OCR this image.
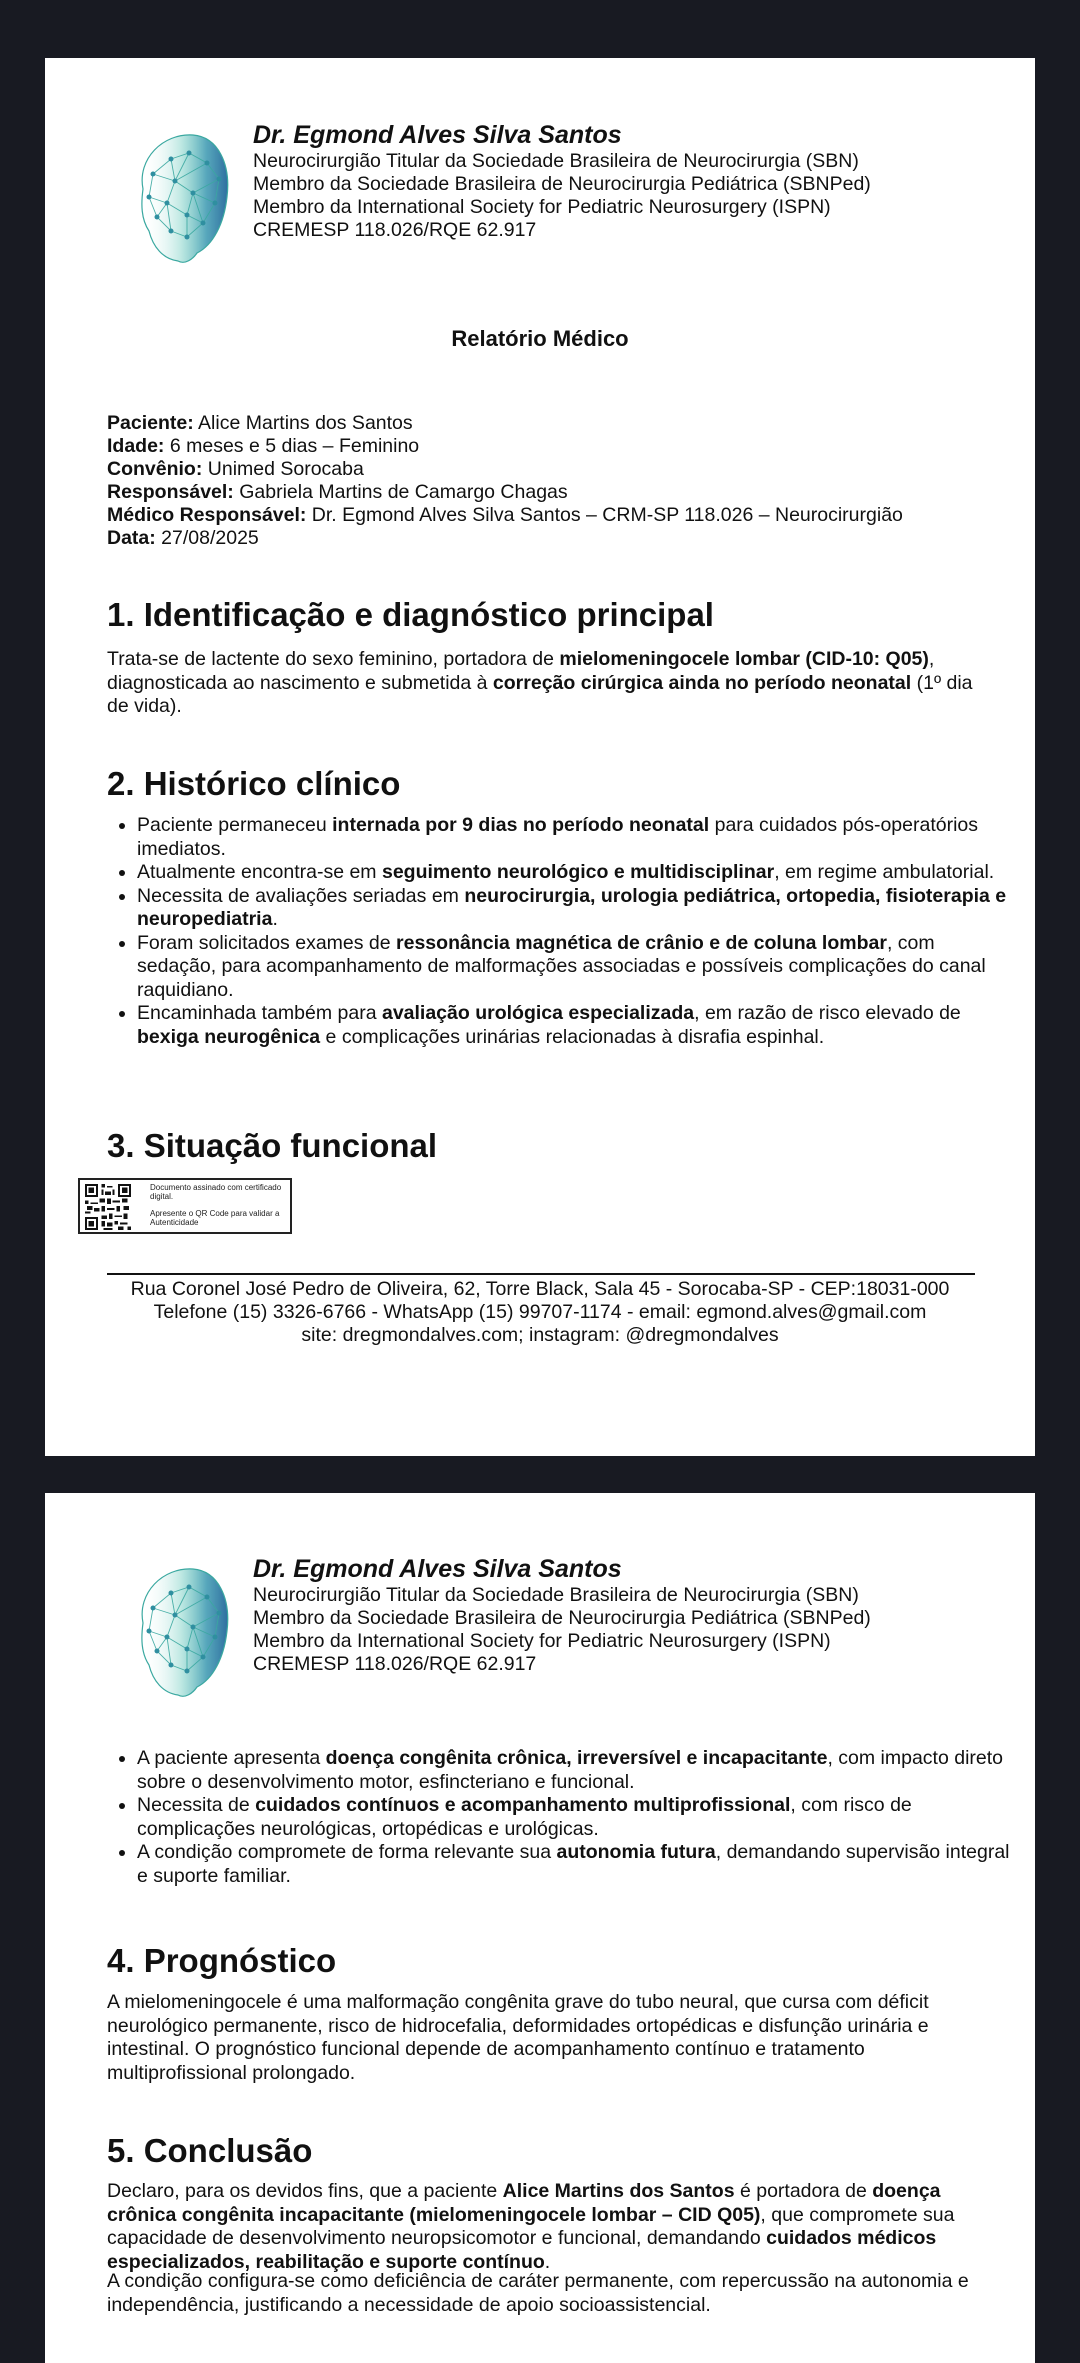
Dr. Egmond Alves Silva Santos

Neurocirurgião Titular da Sociedade Brasileira de Neurocirurgia (SBN)

Membro da Sociedade Brasileira de Neurocirurgia Pediátrica (SBNPed)

Membro da International Society for Pediatric Neurosurgery (ISPN)

CREMESP 118.026/RQE 62.917

Relatório Médico

Paciente: Alice Martins dos Santos

Idade: 6 meses e 5 dias – Feminino

Convênio: Unimed Sorocaba

Responsável: Gabriela Martins de Camargo Chagas

Médico Responsável: Dr. Egmond Alves Silva Santos – CRM-SP 118.026 – Neurocirurgião

Data: 27/08/2025

1. Identificação e diagnóstico principal

Trata-se de lactente do sexo feminino, portadora de mielomeningocele lombar (CID-10: Q05), diagnosticada ao nascimento e submetida à correção cirúrgica ainda no período neonatal (1º dia de vida).

2. Histórico clínico
• Paciente permaneceu internada por 9 dias no período neonatal para cuidados pós-operatórios imediatos.
• Atualmente encontra-se em seguimento neurológico e multidisciplinar, em regime ambulatorial.
• Necessita de avaliações seriadas em neurocirurgia, urologia pediátrica, ortopedia, fisioterapia e neuropediatria.
• Foram solicitados exames de ressonância magnética de crânio e de coluna lombar, com sedação, para acompanhamento de malformações associadas e possíveis complicações do canal raquidiano.
• Encaminhada também para avaliação urológica especializada, em razão de risco elevado de bexiga neurogênica e complicações urinárias relacionadas à disrafia espinhal.
3. Situação funcional

Documento assinado com certificado digital.

Apresente o QR Code para validar a Autenticidade

Rua Coronel José Pedro de Oliveira, 62, Torre Black, Sala 45 - Sorocaba-SP - CEP:18031-000

Telefone (15) 3326-6766 - WhatsApp (15) 99707-1174 - email: egmond.alves@gmail.com

site: dregmondalves.com; instagram: @dregmondalves

Dr. Egmond Alves Silva Santos

Neurocirurgião Titular da Sociedade Brasileira de Neurocirurgia (SBN)

Membro da Sociedade Brasileira de Neurocirurgia Pediátrica (SBNPed)

Membro da International Society for Pediatric Neurosurgery (ISPN)

CREMESP 118.026/RQE 62.917

• A paciente apresenta doença congênita crônica, irreversível e incapacitante, com impacto direto sobre o desenvolvimento motor, esfincteriano e funcional.
• Necessita de cuidados contínuos e acompanhamento multiprofissional, com risco de complicações neurológicas, ortopédicas e urológicas.
• A condição compromete de forma relevante sua autonomia futura, demandando supervisão integral e suporte familiar.
4. Prognóstico

A mielomeningocele é uma malformação congênita grave do tubo neural, que cursa com déficit neurológico permanente, risco de hidrocefalia, deformidades ortopédicas e disfunção urinária e intestinal. O prognóstico funcional depende de acompanhamento contínuo e tratamento multiprofissional prolongado.

5. Conclusão

Declaro, para os devidos fins, que a paciente Alice Martins dos Santos é portadora de doença crônica congênita incapacitante (mielomeningocele lombar – CID Q05), que compromete sua capacidade de desenvolvimento neuropsicomotor e funcional, demandando cuidados médicos especializados, reabilitação e suporte contínuo.

A condição configura-se como deficiência de caráter permanente, com repercussão na autonomia e independência, justificando a necessidade de apoio socioassistencial.
